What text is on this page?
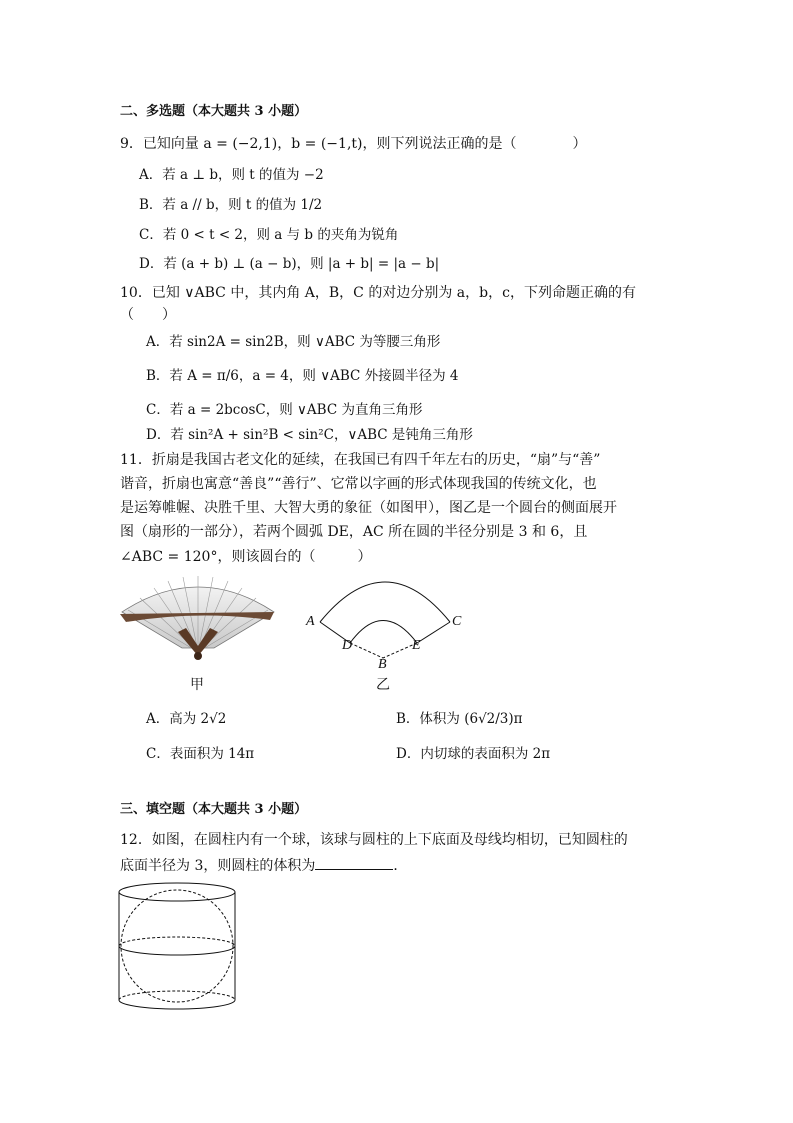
二、多选题（本大题共 3 小题）
9．已知向量 a = (−2,1)，b = (−1,t)，则下列说法正确的是（　　　　）
A．若 a ⊥ b，则 t 的值为 −2
B．若 a // b，则 t 的值为 1/2
C．若 0 < t < 2，则 a 与 b 的夹角为锐角
D．若 (a + b) ⊥ (a − b)，则 |a + b| = |a − b|
10．已知 ∨ABC 中，其内角 A，B，C 的对边分别为 a，b，c，下列命题正确的有
（　　）
A．若 sin2A = sin2B，则 ∨ABC 为等腰三角形
B．若 A = π/6，a = 4，则 ∨ABC 外接圆半径为 4
C．若 a = 2bcosC，则 ∨ABC 为直角三角形
D．若 sin²A + sin²B < sin²C，∨ABC 是钝角三角形
11．折扇是我国古老文化的延续，在我国已有四千年左右的历史，“扇”与“善”
谐音，折扇也寓意“善良”“善行”、它常以字画的形式体现我国的传统文化，也
是运筹帷幄、决胜千里、大智大勇的象征（如图甲），图乙是一个圆台的侧面展开
图（扇形的一部分），若两个圆弧 DE，AC 所在圆的半径分别是 3 和 6，且
∠ABC = 120°，则该圆台的（　　　）
甲
A	C
D	E
B
乙
A．高为 2√2	B．体积为 (6√2/3)π
C．表面积为 14π	D．内切球的表面积为 2π
三、填空题（本大题共 3 小题）
12．如图，在圆柱内有一个球，该球与圆柱的上下底面及母线均相切，已知圆柱的
底面半径为 3，则圆柱的体积为	．
